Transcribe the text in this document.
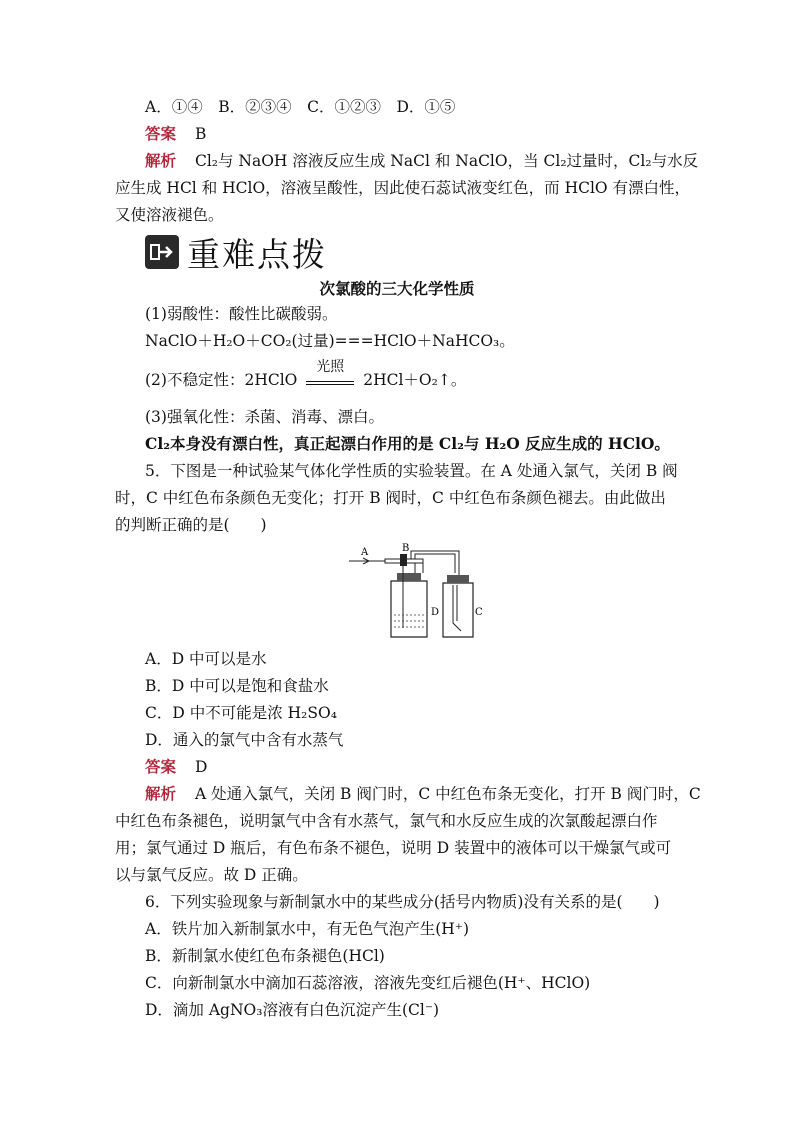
A．①④　B．②③④　C．①②③　D．①⑤
答案 B
解析 Cl₂与 NaOH 溶液反应生成 NaCl 和 NaClO，当 Cl₂过量时，Cl₂与水反
应生成 HCl 和 HClO，溶液呈酸性，因此使石蕊试液变红色，而 HClO 有漂白性，
又使溶液褪色。
重难点拨
次氯酸的三大化学性质
(1)弱酸性：酸性比碳酸弱。
NaClO＋H₂O＋CO₂(过量)===HClO＋NaHCO₃。
(2)不稳定性：2HClO
光照
2HCl＋O₂↑。
(3)强氧化性：杀菌、消毒、漂白。
Cl₂本身没有漂白性，真正起漂白作用的是 Cl₂与 H₂O 反应生成的 HClO。
5．下图是一种试验某气体化学性质的实验装置。在 A 处通入氯气，关闭 B 阀
时，C 中红色布条颜色无变化；打开 B 阀时，C 中红色布条颜色褪去。由此做出
的判断正确的是(　　)
A	B
D	C
A．D 中可以是水
B．D 中可以是饱和食盐水
C．D 中不可能是浓 H₂SO₄
D．通入的氯气中含有水蒸气
答案 D
解析 A 处通入氯气，关闭 B 阀门时，C 中红色布条无变化，打开 B 阀门时，C
中红色布条褪色，说明氯气中含有水蒸气，氯气和水反应生成的次氯酸起漂白作
用；氯气通过 D 瓶后，有色布条不褪色，说明 D 装置中的液体可以干燥氯气或可
以与氯气反应。故 D 正确。
6．下列实验现象与新制氯水中的某些成分(括号内物质)没有关系的是(　　)
A．铁片加入新制氯水中，有无色气泡产生(H⁺)
B．新制氯水使红色布条褪色(HCl)
C．向新制氯水中滴加石蕊溶液，溶液先变红后褪色(H⁺、HClO)
D．滴加 AgNO₃溶液有白色沉淀产生(Cl⁻)
